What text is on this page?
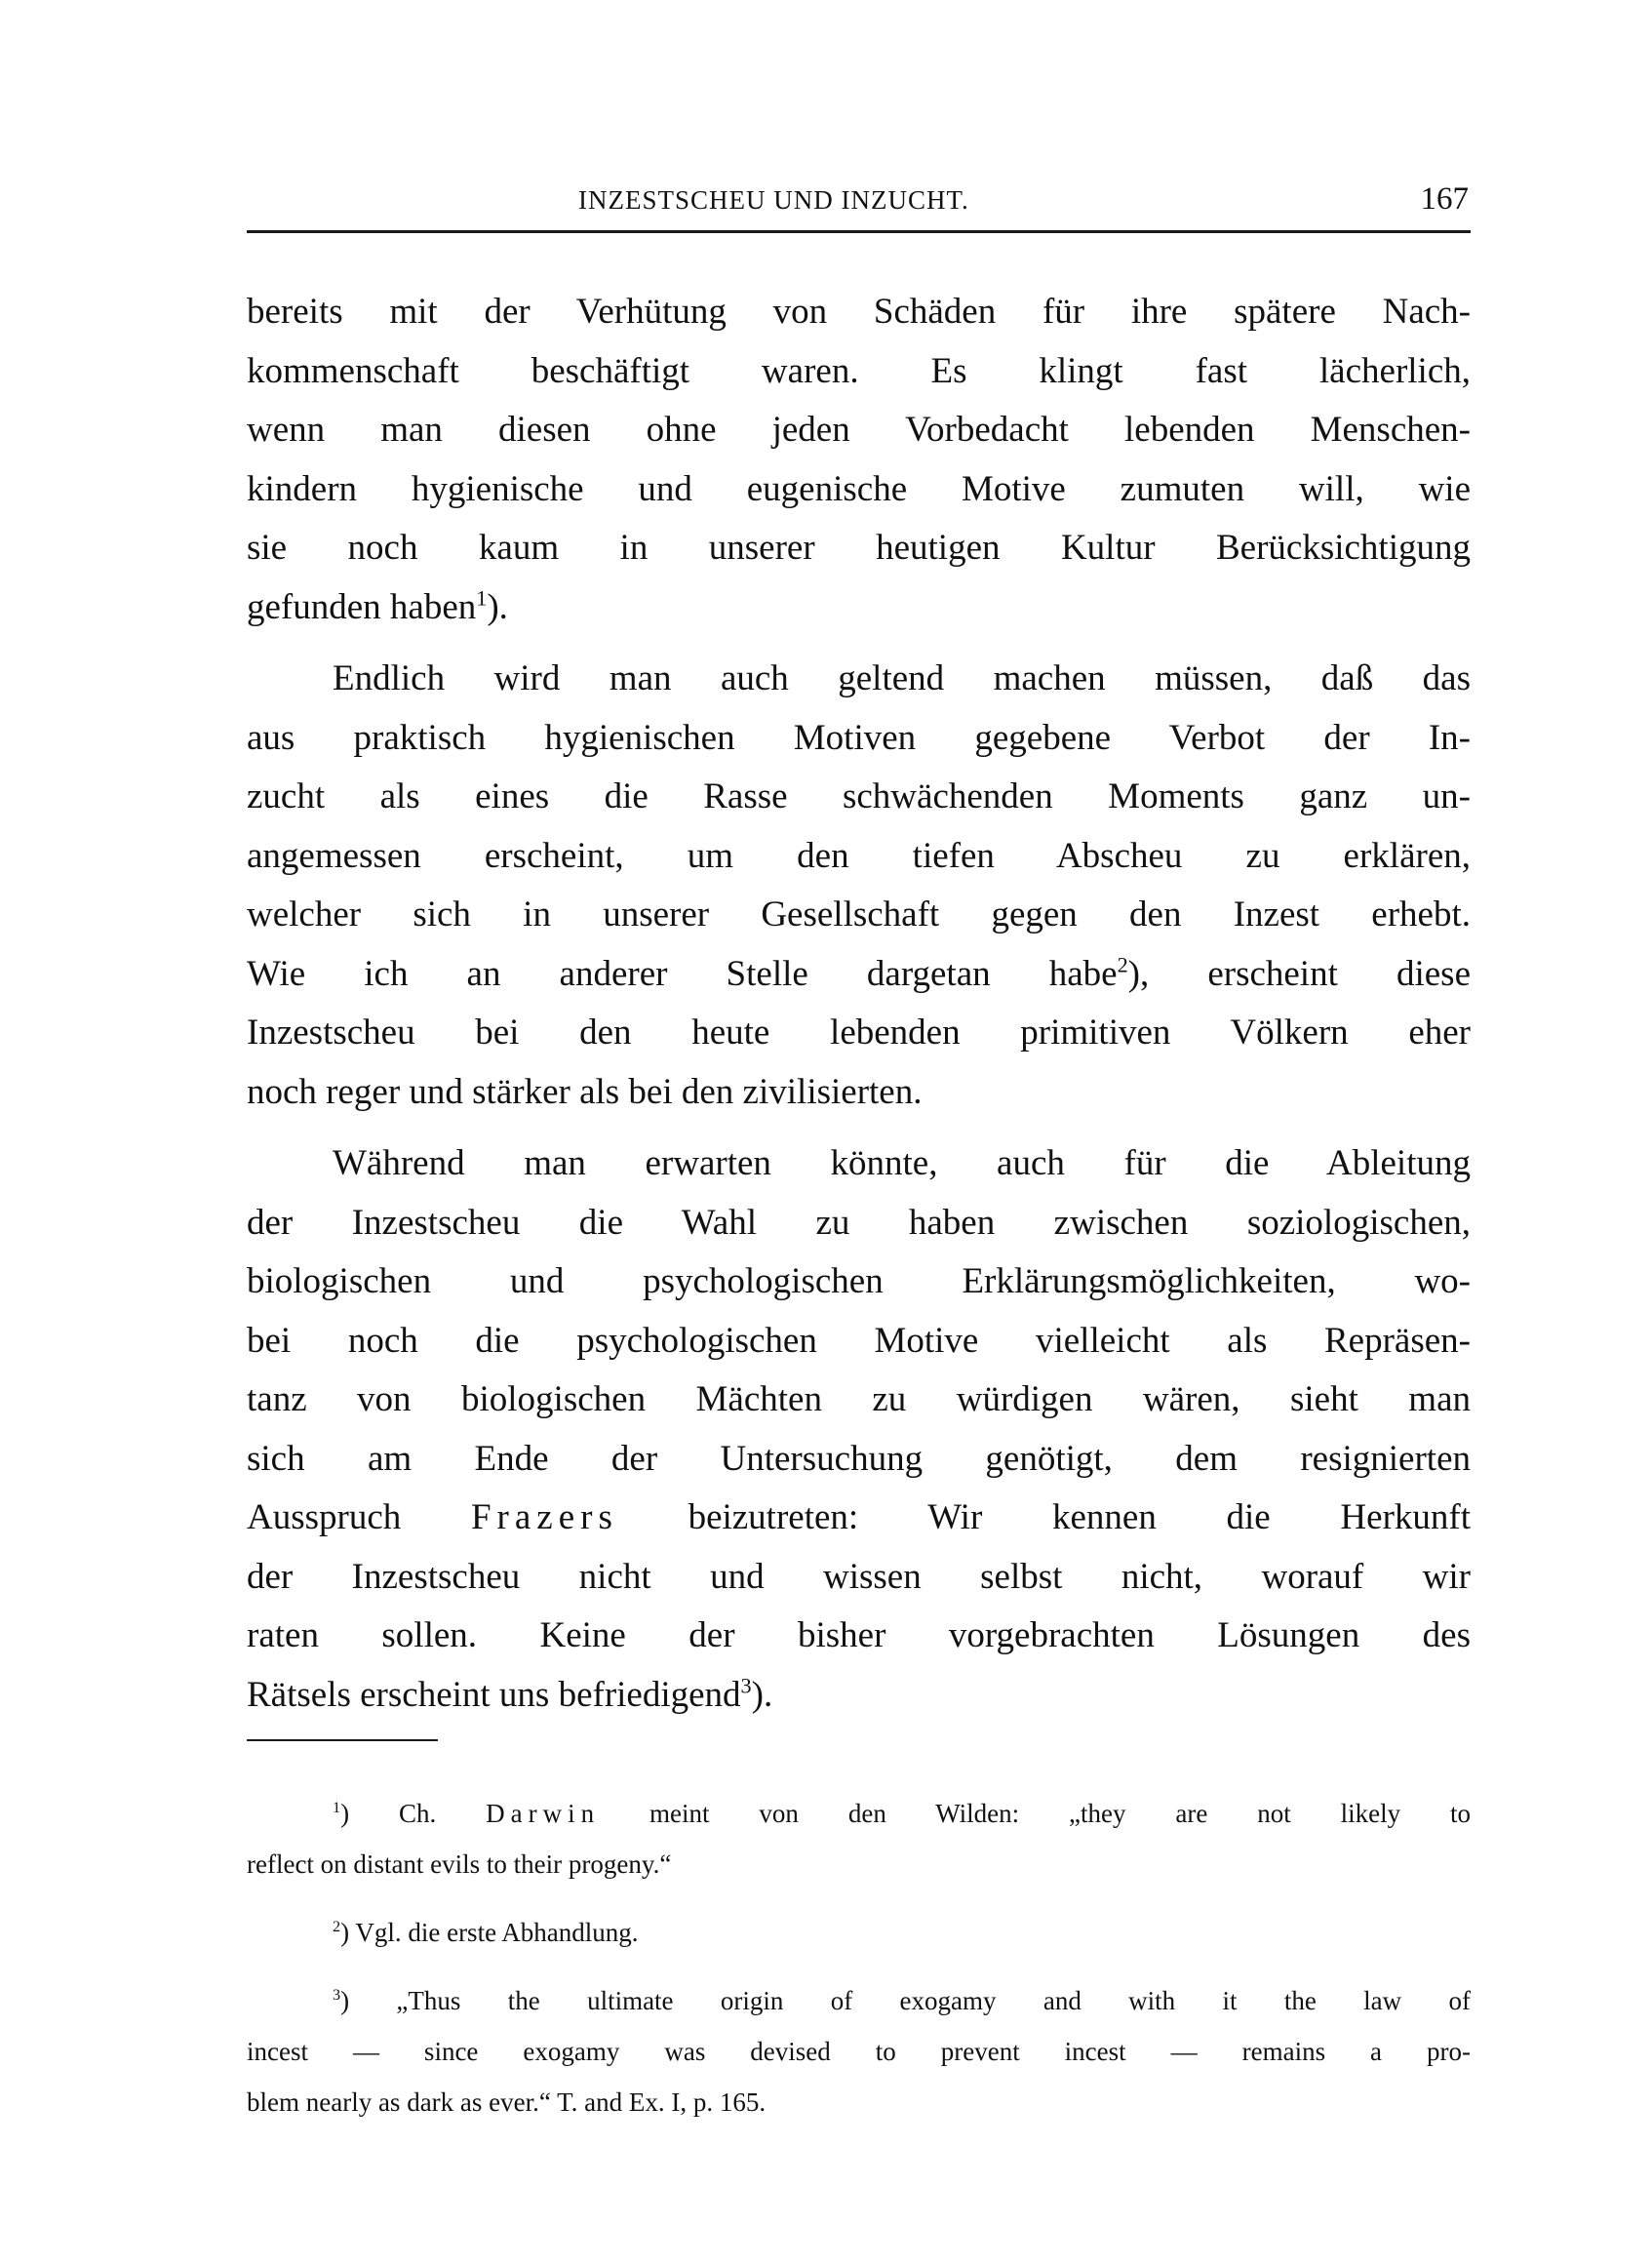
INZESTSCHEU UND INZUCHT.	167
bereits mit der Verhütung von Schäden für ihre spätere Nach-
kommenschaft beschäftigt waren. Es klingt fast lächerlich,
wenn man diesen ohne jeden Vorbedacht lebenden Menschen-
kindern hygienische und eugenische Motive zumuten will, wie
sie noch kaum in unserer heutigen Kultur Berücksichtigung
gefunden haben$^1$).
Endlich wird man auch geltend machen müssen, daß das
aus praktisch hygienischen Motiven gegebene Verbot der In-
zucht als eines die Rasse schwächenden Moments ganz un-
angemessen erscheint, um den tiefen Abscheu zu erklären,
welcher sich in unserer Gesellschaft gegen den Inzest erhebt.
Wie ich an anderer Stelle dargetan habe$^2$), erscheint diese
Inzestscheu bei den heute lebenden primitiven Völkern eher
noch reger und stärker als bei den zivilisierten.
Während man erwarten könnte, auch für die Ableitung
der Inzestscheu die Wahl zu haben zwischen soziologischen,
biologischen und psychologischen Erklärungsmöglichkeiten, wo-
bei noch die psychologischen Motive vielleicht als Repräsen-
tanz von biologischen Mächten zu würdigen wären, sieht man
sich am Ende der Untersuchung genötigt, dem resignierten
Ausspruch Frazers beizutreten: Wir kennen die Herkunft
der Inzestscheu nicht und wissen selbst nicht, worauf wir
raten sollen. Keine der bisher vorgebrachten Lösungen des
Rätsels erscheint uns befriedigend$^3$).
$^1$) Ch. Darwin meint von den Wilden: „they are not likely to
reflect on distant evils to their progeny.“
$^2$) Vgl. die erste Abhandlung.
$^3$) „Thus the ultimate origin of exogamy and with it the law of
incest — since exogamy was devised to prevent incest — remains a pro-
blem nearly as dark as ever.“ T. and Ex. I, p. 165.
